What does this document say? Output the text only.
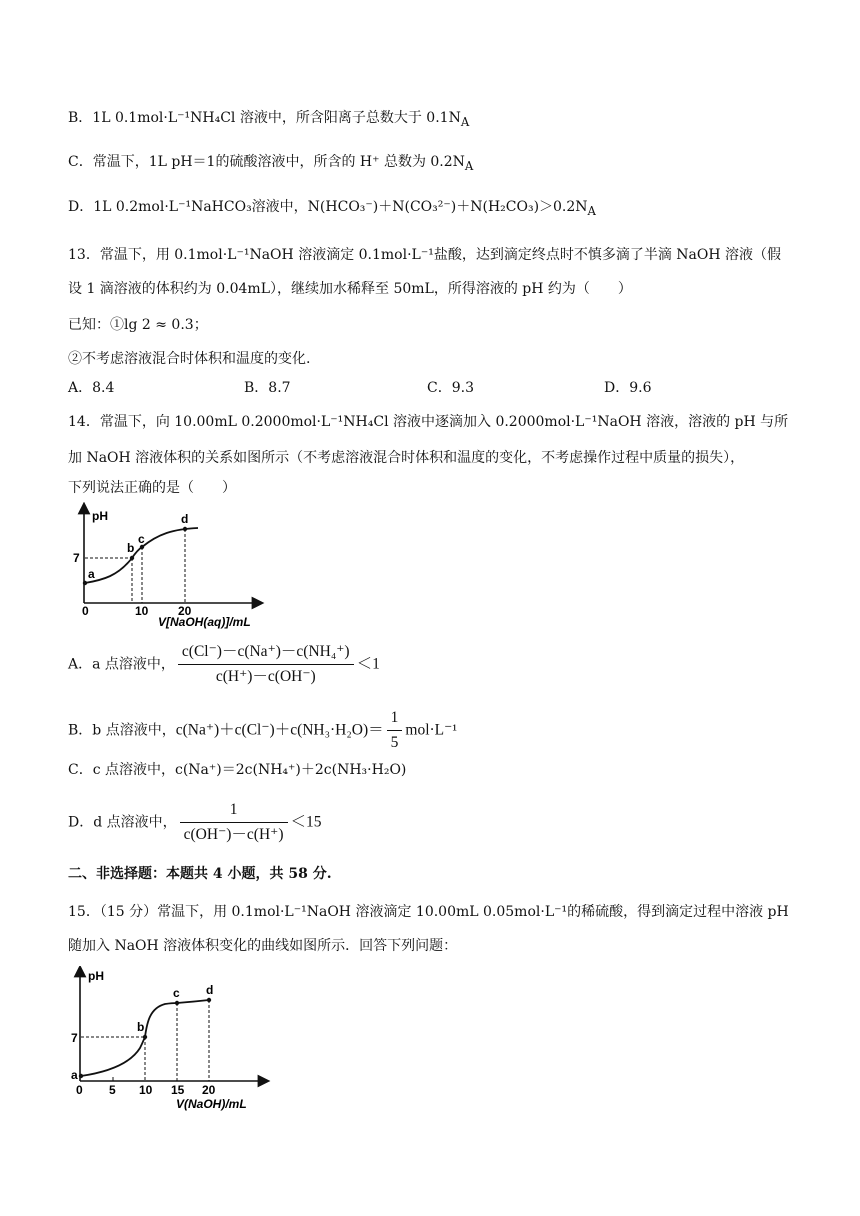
B．1L 0.1mol·L⁻¹NH₄Cl 溶液中，所含阳离子总数大于 $0.1N_A$
C．常温下，1L pH＝1的硫酸溶液中，所含的 H⁺ 总数为 $0.2N_A$
D．1L 0.2mol·L⁻¹NaHCO₃溶液中，$N(HCO_3^-)+N(CO_3^{2-})+N(H_2CO_3)>0.2N_A$
13．常温下，用 0.1mol·L⁻¹NaOH 溶液滴定 0.1mol·L⁻¹盐酸，达到滴定终点时不慎多滴了半滴 NaOH 溶液（假
设 1 滴溶液的体积约为 0.04mL），继续加水稀释至 50mL，所得溶液的 pH 约为（　　）
已知：①lg 2 ≈ 0.3；
②不考虑溶液混合时体积和温度的变化.
A．8.4	B．8.7	C．9.3	D．9.6
14．常温下，向 10.00mL 0.2000mol·L⁻¹NH₄Cl 溶液中逐滴加入 0.2000mol·L⁻¹NaOH 溶液，溶液的 pH 与所
加 NaOH 溶液体积的关系如图所示（不考虑溶液混合时体积和温度的变化，不考虑操作过程中质量的损失），
下列说法正确的是（　　）
pH
7
0	10 20
V[NaOH(aq)]/mL
a
b
c
d
A．a 点溶液中， $\frac{\text{c(Cl⁻)－c(Na⁺)－c(NH₄⁺)}}{c(H^+)-c(OH^-)} <1$
B．b 点溶液中，$c(Na^+)+c(Cl^-)+c(NH_3\cdot H_2O)= \frac{1}{5} mol\cdot L^{-1}$
C．c 点溶液中，c(Na⁺)＝2c(NH₄⁺)＋2c(NH₃·H₂O)
D．d 点溶液中， $\frac{1}{c(OH^-)-c(H^+)} <15$
二、非选择题：本题共 4 小题，共 58 分.
15．（15 分）常温下，用 0.1mol·L⁻¹NaOH 溶液滴定 10.00mL 0.05mol·L⁻¹的稀硫酸，得到滴定过程中溶液 pH
随加入 NaOH 溶液体积变化的曲线如图所示．回答下列问题：
pH
7
a
0 5 10 15 20
V(NaOH)/mL
b
c d
